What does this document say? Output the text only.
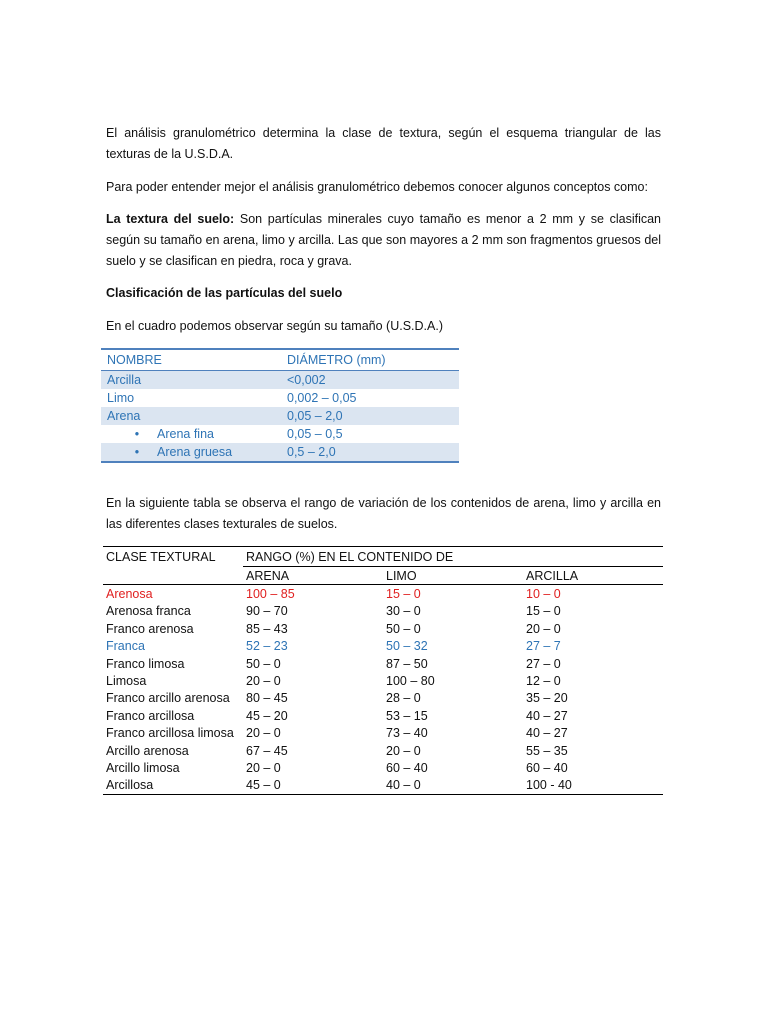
El análisis granulométrico determina la clase de textura, según el esquema triangular de las texturas de la U.S.D.A.

Para poder entender mejor el análisis granulométrico debemos conocer algunos conceptos como:

La textura del suelo: Son partículas minerales cuyo tamaño es menor a 2 mm y se clasifican según su tamaño en arena, limo y arcilla. Las que son mayores a 2 mm son fragmentos gruesos del suelo y se clasifican en piedra, roca y grava.

Clasificación de las partículas del suelo

En el cuadro podemos observar según su tamaño (U.S.D.A.)

NOMBRE	DIÁMETRO (mm)
Arcilla	<0,002
Limo	0,002 – 0,05
Arena	0,05 – 2,0
• Arena fina	0,05 – 0,5
• Arena gruesa	0,5 – 2,0

En la siguiente tabla se observa el rango de variación de los contenidos de arena, limo y arcilla en las diferentes clases texturales de suelos.

CLASE TEXTURAL	RANGO (%) EN EL CONTENIDO DE		
	ARENA	LIMO	ARCILLA
Arenosa	100 – 85	15 – 0	10 – 0
Arenosa franca	90 – 70	30 – 0	15 – 0
Franco arenosa	85 – 43	50 – 0	20 – 0
Franca	52 – 23	50 – 32	27 – 7
Franco limosa	50 – 0	87 – 50	27 – 0
Limosa	20 – 0	100 – 80	12 – 0
Franco arcillo arenosa	80 – 45	28 – 0	35 – 20
Franco arcillosa	45 – 20	53 – 15	40 – 27
Franco arcillosa limosa	20 – 0	73 – 40	40 – 27
Arcillo arenosa	67 – 45	20 – 0	55 – 35
Arcillo limosa	20 – 0	60 – 40	60 – 40
Arcillosa	45 – 0	40 – 0	100 - 40
